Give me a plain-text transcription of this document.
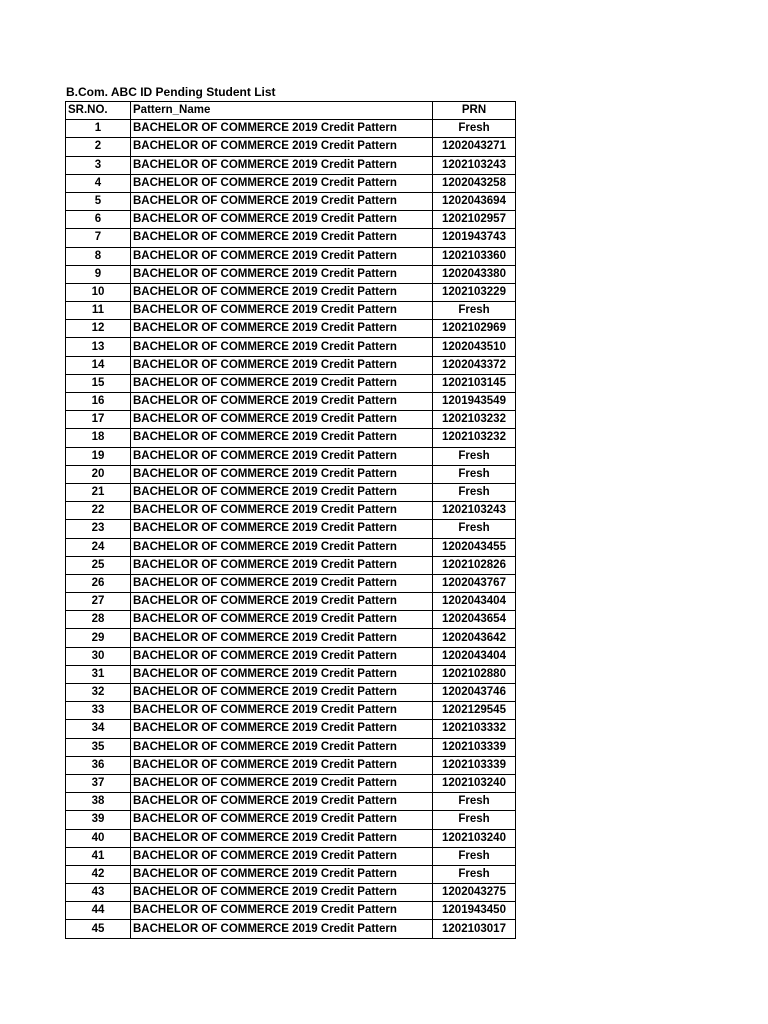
B.Com. ABC ID Pending Student List
SR.NO.	Pattern_Name	PRN
1	BACHELOR OF COMMERCE 2019 Credit Pattern	Fresh
2	BACHELOR OF COMMERCE 2019 Credit Pattern	1202043271
3	BACHELOR OF COMMERCE 2019 Credit Pattern	1202103243
4	BACHELOR OF COMMERCE 2019 Credit Pattern	1202043258
5	BACHELOR OF COMMERCE 2019 Credit Pattern	1202043694
6	BACHELOR OF COMMERCE 2019 Credit Pattern	1202102957
7	BACHELOR OF COMMERCE 2019 Credit Pattern	1201943743
8	BACHELOR OF COMMERCE 2019 Credit Pattern	1202103360
9	BACHELOR OF COMMERCE 2019 Credit Pattern	1202043380
10	BACHELOR OF COMMERCE 2019 Credit Pattern	1202103229
11	BACHELOR OF COMMERCE 2019 Credit Pattern	Fresh
12	BACHELOR OF COMMERCE 2019 Credit Pattern	1202102969
13	BACHELOR OF COMMERCE 2019 Credit Pattern	1202043510
14	BACHELOR OF COMMERCE 2019 Credit Pattern	1202043372
15	BACHELOR OF COMMERCE 2019 Credit Pattern	1202103145
16	BACHELOR OF COMMERCE 2019 Credit Pattern	1201943549
17	BACHELOR OF COMMERCE 2019 Credit Pattern	1202103232
18	BACHELOR OF COMMERCE 2019 Credit Pattern	1202103232
19	BACHELOR OF COMMERCE 2019 Credit Pattern	Fresh
20	BACHELOR OF COMMERCE 2019 Credit Pattern	Fresh
21	BACHELOR OF COMMERCE 2019 Credit Pattern	Fresh
22	BACHELOR OF COMMERCE 2019 Credit Pattern	1202103243
23	BACHELOR OF COMMERCE 2019 Credit Pattern	Fresh
24	BACHELOR OF COMMERCE 2019 Credit Pattern	1202043455
25	BACHELOR OF COMMERCE 2019 Credit Pattern	1202102826
26	BACHELOR OF COMMERCE 2019 Credit Pattern	1202043767
27	BACHELOR OF COMMERCE 2019 Credit Pattern	1202043404
28	BACHELOR OF COMMERCE 2019 Credit Pattern	1202043654
29	BACHELOR OF COMMERCE 2019 Credit Pattern	1202043642
30	BACHELOR OF COMMERCE 2019 Credit Pattern	1202043404
31	BACHELOR OF COMMERCE 2019 Credit Pattern	1202102880
32	BACHELOR OF COMMERCE 2019 Credit Pattern	1202043746
33	BACHELOR OF COMMERCE 2019 Credit Pattern	1202129545
34	BACHELOR OF COMMERCE 2019 Credit Pattern	1202103332
35	BACHELOR OF COMMERCE 2019 Credit Pattern	1202103339
36	BACHELOR OF COMMERCE 2019 Credit Pattern	1202103339
37	BACHELOR OF COMMERCE 2019 Credit Pattern	1202103240
38	BACHELOR OF COMMERCE 2019 Credit Pattern	Fresh
39	BACHELOR OF COMMERCE 2019 Credit Pattern	Fresh
40	BACHELOR OF COMMERCE 2019 Credit Pattern	1202103240
41	BACHELOR OF COMMERCE 2019 Credit Pattern	Fresh
42	BACHELOR OF COMMERCE 2019 Credit Pattern	Fresh
43	BACHELOR OF COMMERCE 2019 Credit Pattern	1202043275
44	BACHELOR OF COMMERCE 2019 Credit Pattern	1201943450
45	BACHELOR OF COMMERCE 2019 Credit Pattern	1202103017
